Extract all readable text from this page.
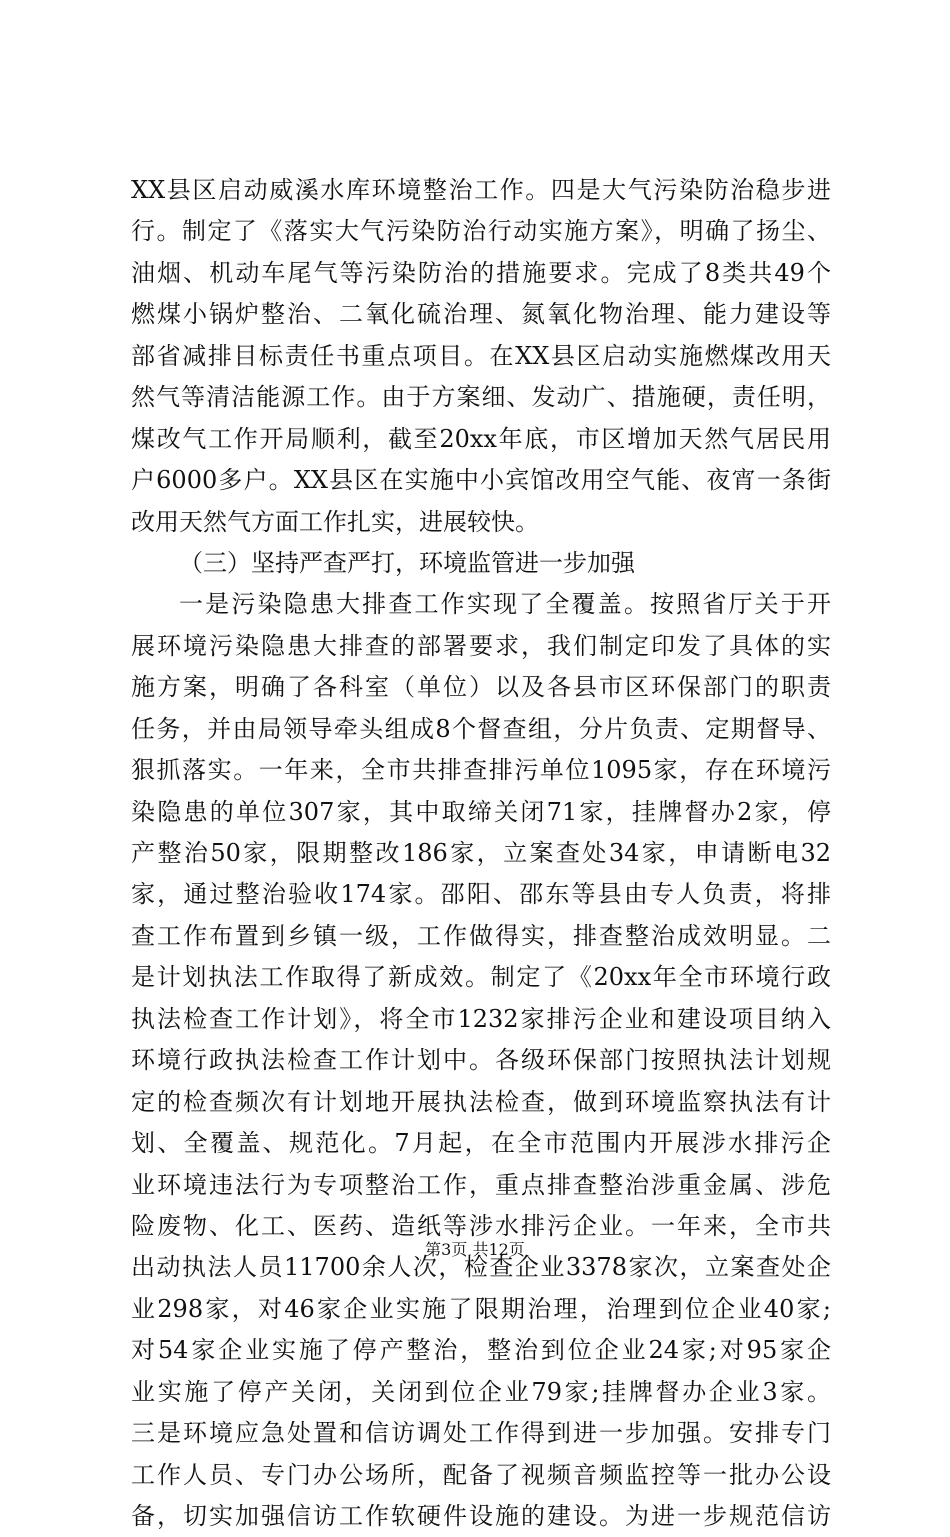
XX县区启动威溪水库环境整治工作。四是大气污染防治稳步进
行。制定了《落实大气污染防治行动实施方案》，明确了扬尘、
油烟、机动车尾气等污染防治的措施要求。完成了8类共49个
燃煤小锅炉整治、二氧化硫治理、氮氧化物治理、能力建设等
部省减排目标责任书重点项目。在XX县区启动实施燃煤改用天
然气等清洁能源工作。由于方案细、发动广、措施硬，责任明，
煤改气工作开局顺利，截至20xx年底，市区增加天然气居民用
户6000多户。XX县区在实施中小宾馆改用空气能、夜宵一条街
改用天然气方面工作扎实，进展较快。
（三）坚持严查严打，环境监管进一步加强
一是污染隐患大排查工作实现了全覆盖。按照省厅关于开
展环境污染隐患大排查的部署要求，我们制定印发了具体的实
施方案，明确了各科室（单位）以及各县市区环保部门的职责
任务，并由局领导牵头组成8个督查组，分片负责、定期督导、
狠抓落实。一年来，全市共排查排污单位1095家，存在环境污
染隐患的单位307家，其中取缔关闭71家，挂牌督办2家，停
产整治50家，限期整改186家，立案查处34家，申请断电32
家，通过整治验收174家。邵阳、邵东等县由专人负责，将排
查工作布置到乡镇一级，工作做得实，排查整治成效明显。二
是计划执法工作取得了新成效。制定了《20xx年全市环境行政
执法检查工作计划》，将全市1232家排污企业和建设项目纳入
环境行政执法检查工作计划中。各级环保部门按照执法计划规
定的检查频次有计划地开展执法检查，做到环境监察执法有计
划、全覆盖、规范化。7月起，在全市范围内开展涉水排污企
业环境违法行为专项整治工作，重点排查整治涉重金属、涉危
险废物、化工、医药、造纸等涉水排污企业。一年来，全市共
出动执法人员11700余人次，检查企业3378家次，立案查处企
业298家，对46家企业实施了限期治理，治理到位企业40家;
对54家企业实施了停产整治，整治到位企业24家;对95家企
业实施了停产关闭，关闭到位企业79家;挂牌督办企业3家。
三是环境应急处置和信访调处工作得到进一步加强。安排专门
工作人员、专门办公场所，配备了视频音频监控等一批办公设
备，切实加强信访工作软硬件设施的建设。为进一步规范信访
第3页 共12页
